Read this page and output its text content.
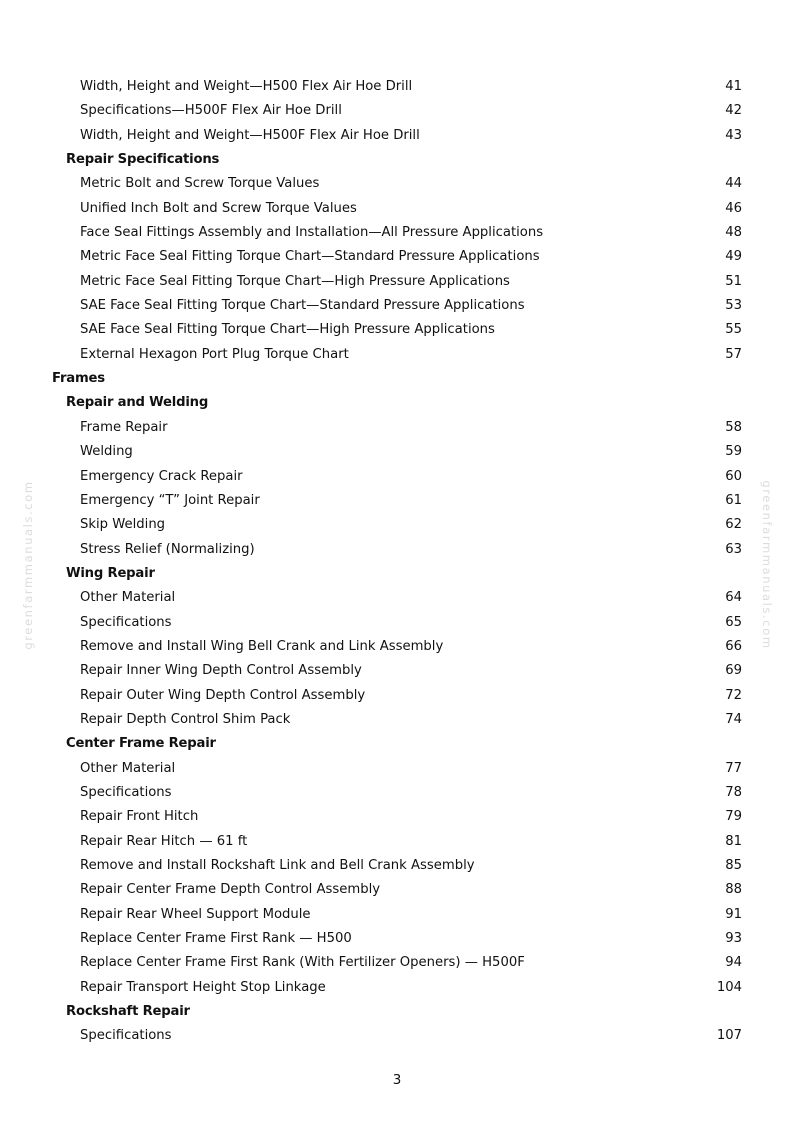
Width, Height and Weight—H500 Flex Air Hoe Drill	41
Specifications—H500F Flex Air Hoe Drill	42
Width, Height and Weight—H500F Flex Air Hoe Drill	43
Repair Specifications
Metric Bolt and Screw Torque Values	44
Unified Inch Bolt and Screw Torque Values	46
Face Seal Fittings Assembly and Installation—All Pressure Applications	48
Metric Face Seal Fitting Torque Chart—Standard Pressure Applications	49
Metric Face Seal Fitting Torque Chart—High Pressure Applications	51
SAE Face Seal Fitting Torque Chart—Standard Pressure Applications	53
SAE Face Seal Fitting Torque Chart—High Pressure Applications	55
External Hexagon Port Plug Torque Chart	57
Frames
Repair and Welding
Frame Repair	58
Welding	59
Emergency Crack Repair	60
Emergency “T” Joint Repair	61
Skip Welding	62
Stress Relief (Normalizing)	63
Wing Repair
Other Material	64
Specifications	65
Remove and Install Wing Bell Crank and Link Assembly	66
Repair Inner Wing Depth Control Assembly	69
Repair Outer Wing Depth Control Assembly	72
Repair Depth Control Shim Pack	74
Center Frame Repair
Other Material	77
Specifications	78
Repair Front Hitch	79
Repair Rear Hitch — 61 ft	81
Remove and Install Rockshaft Link and Bell Crank Assembly	85
Repair Center Frame Depth Control Assembly	88
Repair Rear Wheel Support Module	91
Replace Center Frame First Rank — H500	93
Replace Center Frame First Rank (With Fertilizer Openers) — H500F	94
Repair Transport Height Stop Linkage	104
Rockshaft Repair
Specifications	107
3
greenfarmmanuals.com	greenfarmmanuals.com
